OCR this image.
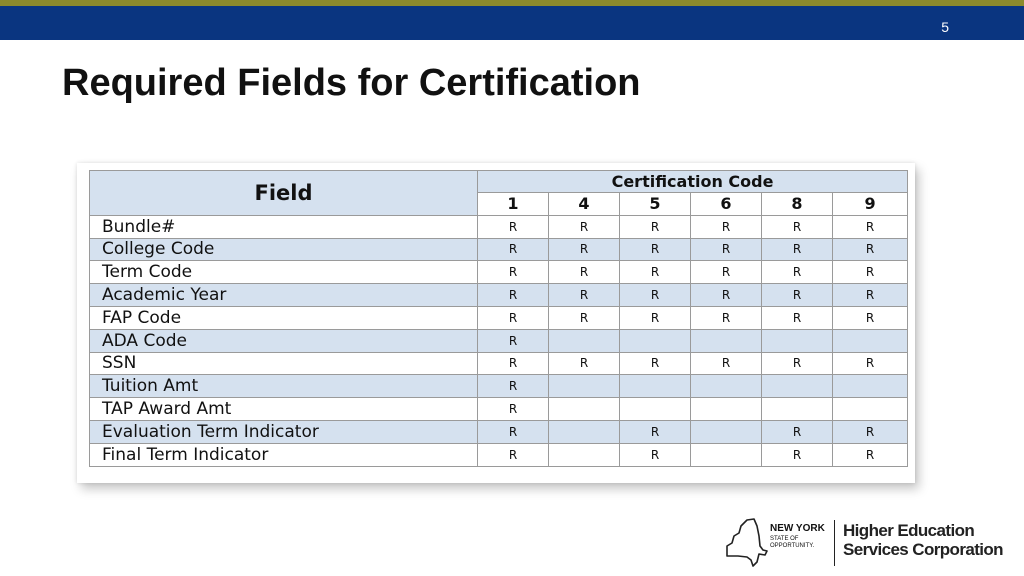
5
Required Fields for Certification
Field	Certification Code					
	1	4	5	6	8	9
Bundle#	R	R	R	R	R	R
College Code	R	R	R	R	R	R
Term Code	R	R	R	R	R	R
Academic Year	R	R	R	R	R	R
FAP Code	R	R	R	R	R	R
ADA Code	R					
SSN	R	R	R	R	R	R
Tuition Amt	R					
TAP Award Amt	R					
Evaluation Term Indicator	R		R		R	R
Final Term Indicator	R		R		R	R
NEW YORK
STATE OF
OPPORTUNITY.
Higher Education
Services Corporation
